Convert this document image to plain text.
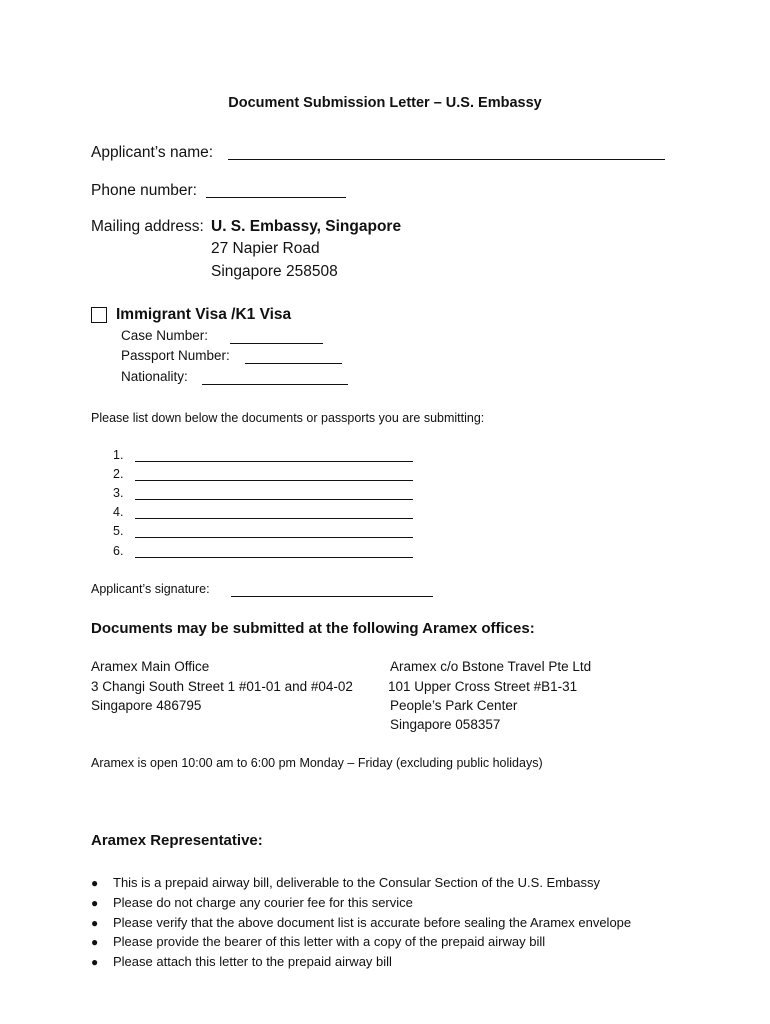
Document Submission Letter – U.S. Embassy
Applicant’s name:
Phone number:
Mailing address: U. S. Embassy, Singapore
27 Napier Road
Singapore 258508
Immigrant Visa /K1 Visa
Case Number:
Passport Number:
Nationality:
Please list down below the documents or passports you are submitting:
1.
2.
3.
4.
5.
6.
Applicant’s signature:
Documents may be submitted at the following Aramex offices:
Aramex Main Office
3 Changi South Street 1 #01-01 and #04-02
Singapore 486795
Aramex c/o Bstone Travel Pte Ltd
101 Upper Cross Street #B1-31
People’s Park Center
Singapore 058357
Aramex is open 10:00 am to 6:00 pm Monday – Friday (excluding public holidays)
Aramex Representative:
● This is a prepaid airway bill, deliverable to the Consular Section of the U.S. Embassy
● Please do not charge any courier fee for this service
● Please verify that the above document list is accurate before sealing the Aramex envelope
● Please provide the bearer of this letter with a copy of the prepaid airway bill
● Please attach this letter to the prepaid airway bill
